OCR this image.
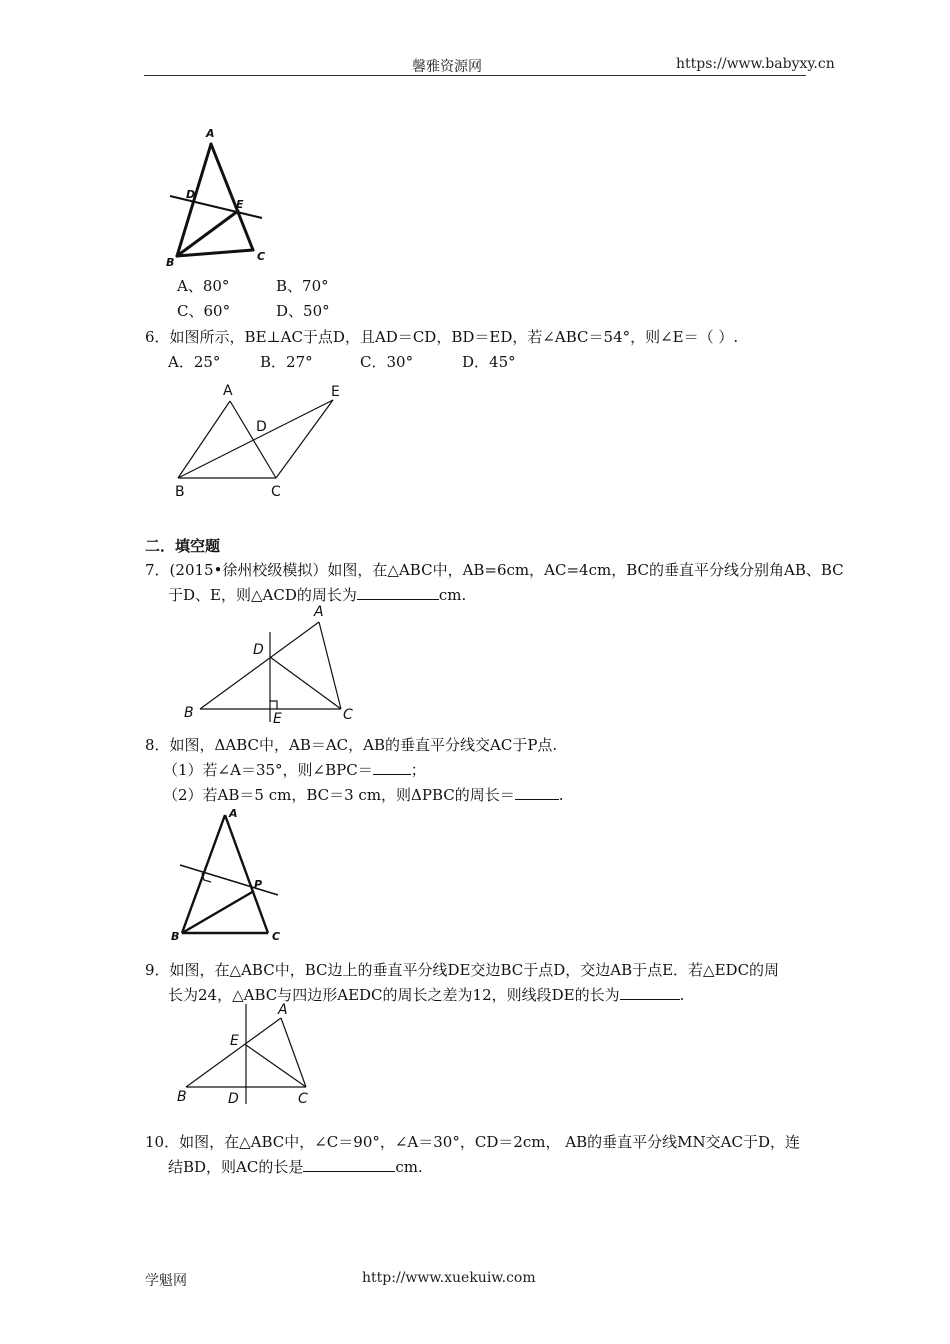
馨雅资源网	https://www.babyxy.cn
A
D
E
B	C
A、80°	B、70°
C、60°	D、50°
6．如图所示，BE⊥AC于点D，且AD＝CD，BD＝ED，若∠ABC＝54°，则∠E＝（ ）.
A．25°	B．27°	C．30°	D．45°
A	E
D
B	C
二．填空题
7．(2015•徐州校级模拟）如图，在△ABC中，AB=6cm，AC=4cm，BC的垂直平分线分别角AB、BC
于D、E，则△ACD的周长为	cm.
A
D
B	E	C
8．如图，ΔABC中，AB＝AC，AB的垂直平分线交AC于P点.
（1）若∠A＝35°，则∠BPC＝	；
（2）若AB＝5 cm，BC＝3 cm，则ΔPBC的周长＝	.
A
P
B	C
9．如图，在△ABC中，BC边上的垂直平分线DE交边BC于点D，交边AB于点E．若△EDC的周
长为24，△ABC与四边形AEDC的周长之差为12，则线段DE的长为	.
A
E
B	D	C
10．如图，在△ABC中，∠C＝90°，∠A＝30°，CD＝2cm， AB的垂直平分线MN交AC于D，连
结BD，则AC的长是	cm.
学魁网	http://www.xuekuiw.com
